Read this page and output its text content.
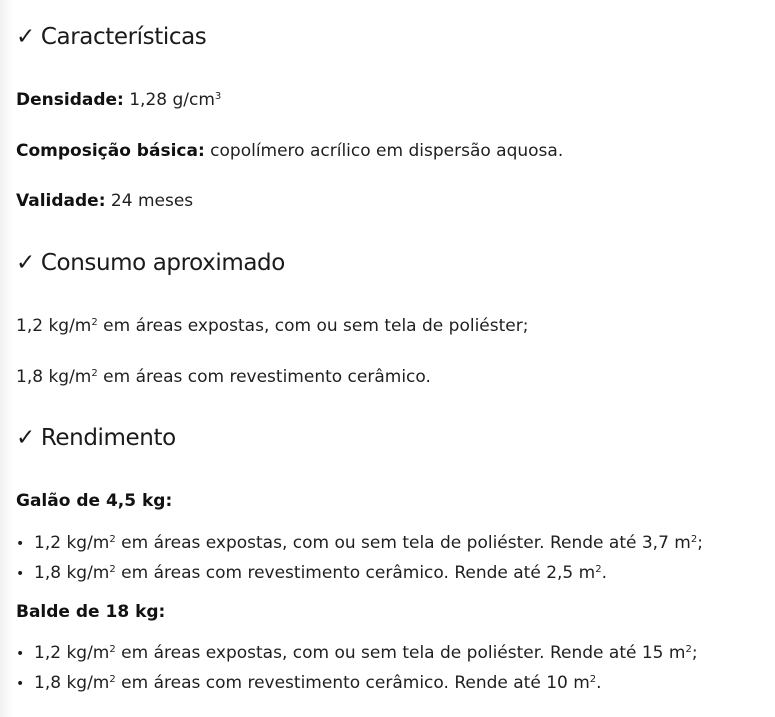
✓ Características

Densidade: 1,28 $g/cm^3$

Composição básica: copolímero acrílico em dispersão aquosa.

Validade: 24 meses

✓ Consumo aproximado

1,2 $kg/m^2$ em áreas expostas, com ou sem tela de poliéster;

1,8 $kg/m^2$ em áreas com revestimento cerâmico.

✓ Rendimento

Galão de 4,5 kg:

• 1,2 $kg/m^2$ em áreas expostas, com ou sem tela de poliéster. Rende até 3,7 $m^2$;

• 1,8 $kg/m^2$ em áreas com revestimento cerâmico. Rende até 2,5 $m^2$.

Balde de 18 kg:

• 1,2 $kg/m^2$ em áreas expostas, com ou sem tela de poliéster. Rende até 15 $m^2$;

• 1,8 $kg/m^2$ em áreas com revestimento cerâmico. Rende até 10 $m^2$.
